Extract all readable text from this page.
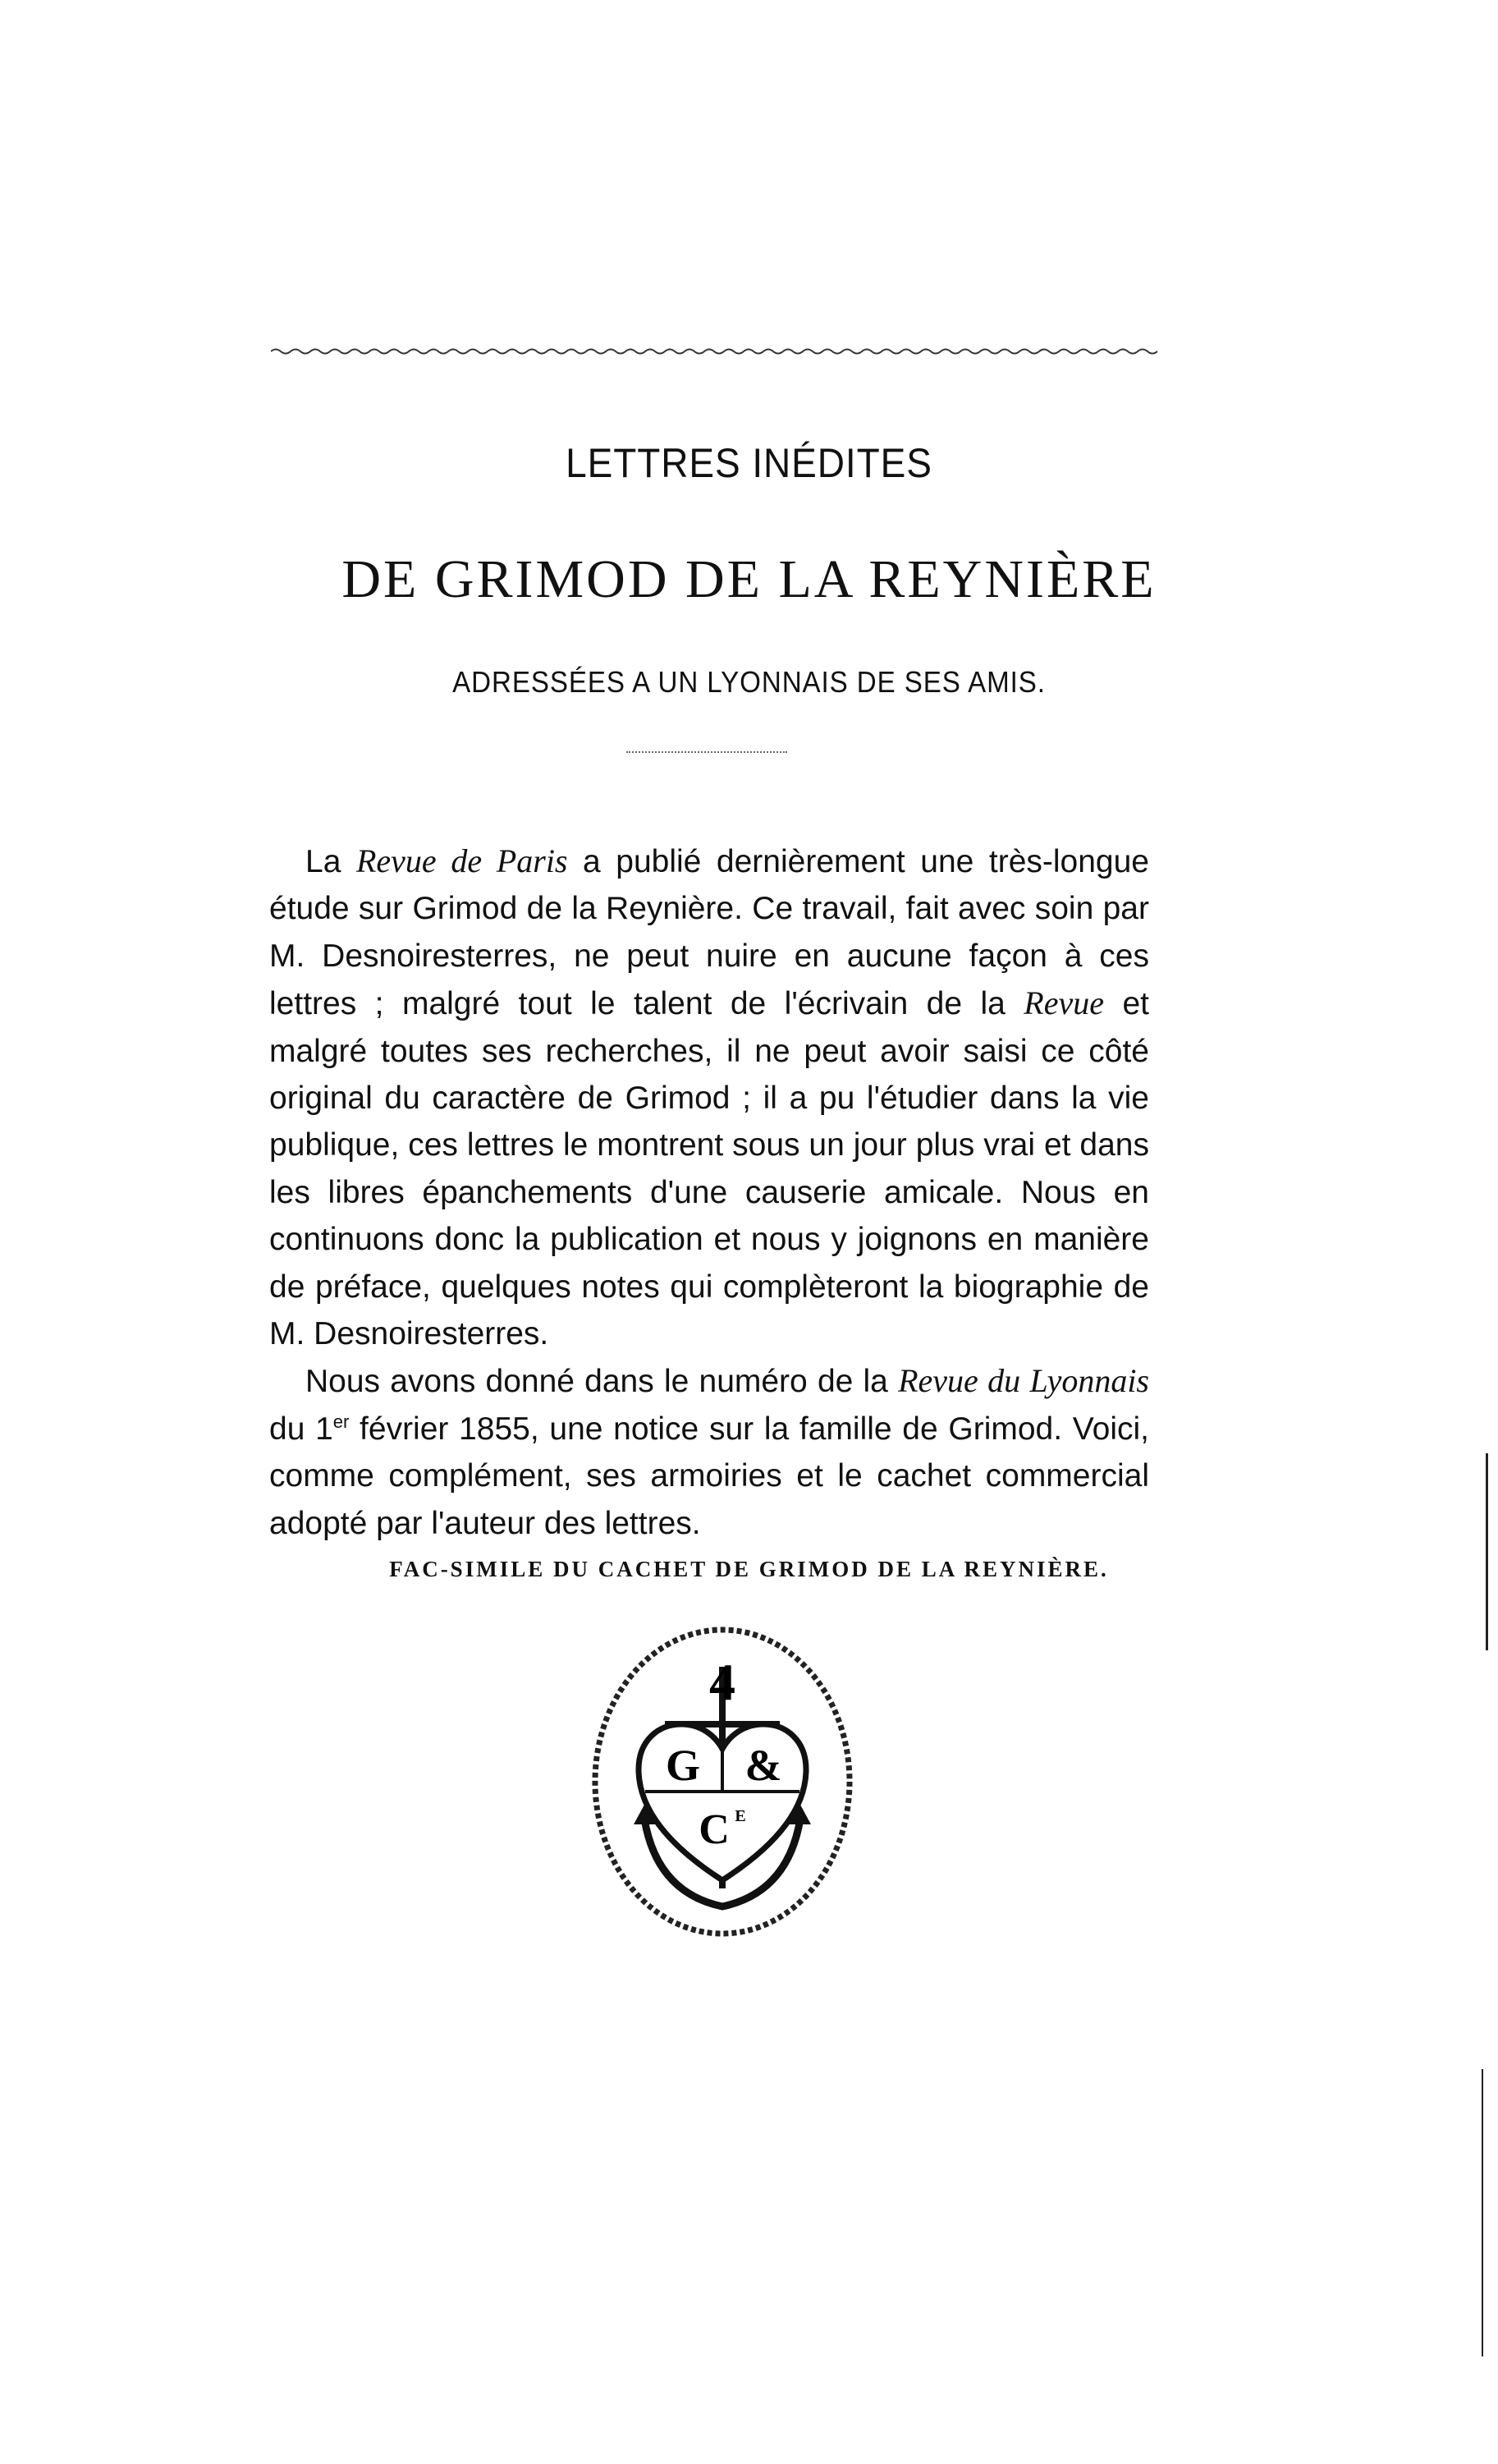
LETTRES INÉDITES
DE GRIMOD DE LA REYNIÈRE
ADRESSÉES A UN LYONNAIS DE SES AMIS.

La Revue de Paris a publié dernièrement une très-longue étude sur Grimod de la Reynière. Ce travail, fait avec soin par M. Desnoiresterres, ne peut nuire en aucune façon à ces lettres ; malgré tout le talent de l'écrivain de la Revue et malgré toutes ses recherches, il ne peut avoir saisi ce côté original du caractère de Grimod ; il a pu l'étudier dans la vie publique, ces lettres le montrent sous un jour plus vrai et dans les libres épanchements d'une causerie amicale. Nous en continuons donc la publication et nous y joignons en manière de préface, quelques notes qui complèteront la biographie de M. Desnoiresterres.

Nous avons donné dans le numéro de la Revue du Lyonnais du 1er février 1855, une notice sur la famille de Grimod. Voici, comme complément, ses armoiries et le cachet commercial adopté par l'auteur des lettres.

FAC-SIMILE DU CACHET DE GRIMOD DE LA REYNIÈRE.
4
G &
C E
